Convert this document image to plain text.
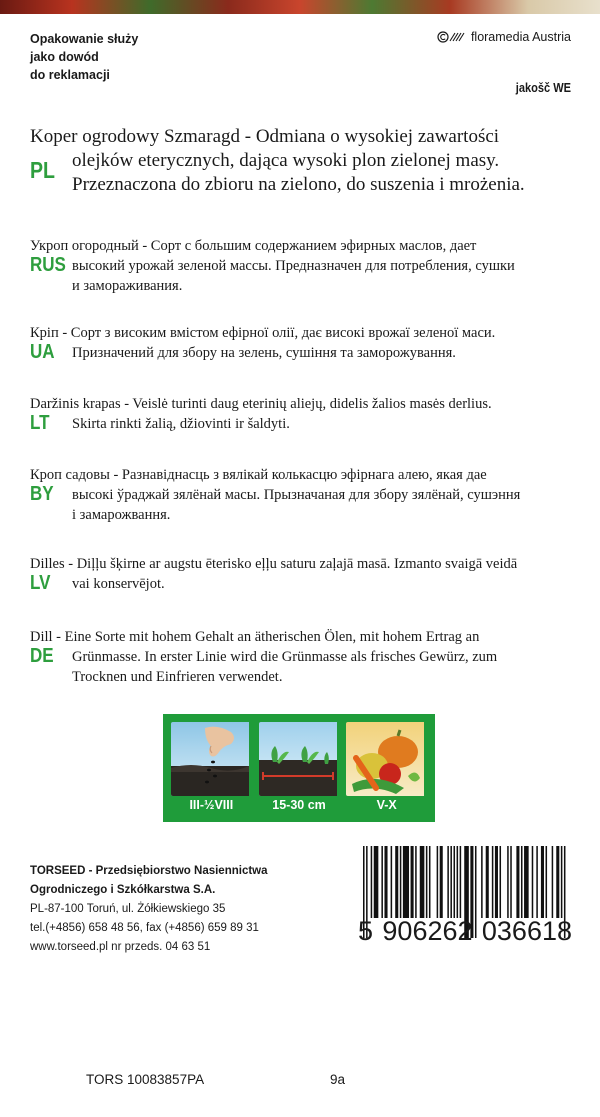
Opakowanie służy
jako dowód
do reklamacji
floramedia Austria
jakošč WE
PL
Koper ogrodowy Szmaragd - Odmiana o wysokiej zawartości
olejków eterycznych, dająca wysoki plon zielonej masy.
Przeznaczona do zbioru na zielono, do suszenia i mrożenia.
RUS
Укроп огородный - Сорт с большим содержанием эфирных маслов, дает
высокий урожай зеленой массы. Предназначен для потребления, сушки
и замораживания.
UA
Кріп - Сорт з високим вмістом ефірної олії, дає високі врожаї зеленої маси.
Призначений для збору на зелень, сушіння та заморожування.
LT
Daržinis krapas - Veislė turinti daug eterinių aliejų, didelis žalios masės derlius.
Skirta rinkti žalią, džiovinti ir šaldyti.
BY
Кроп садовы - Разнавіднасць з вялікай колькасцю эфірнага алею, якая дае
высокі ўраджай зялёнай масы. Прызначаная для збору зялёнай, сушэння
і замарожвання.
LV
Dilles - Diļļu šķirne ar augstu ēterisko eļļu saturu zaļajā masā. Izmanto svaigā veidā
vai konservējot.
DE
Dill - Eine Sorte mit hohem Gehalt an ätherischen Ölen, mit hohem Ertrag an
Grünmasse. In erster Linie wird die Grünmasse als frisches Gewürz, zum
Trocknen und Einfrieren verwendet.
III-½VIII	15-30 cm	V-X
TORSEED - Przedsiębiorstwo Nasiennictwa
Ogrodniczego i Szkółkarstwa S.A.
PL-87-100 Toruń, ul. Żółkiewskiego 35
tel.(+4856) 658 48 56, fax (+4856) 659 89 31
www.torseed.pl nr przeds. 04 63 51
5 906262 036618
TORS 10083857PA	9a
